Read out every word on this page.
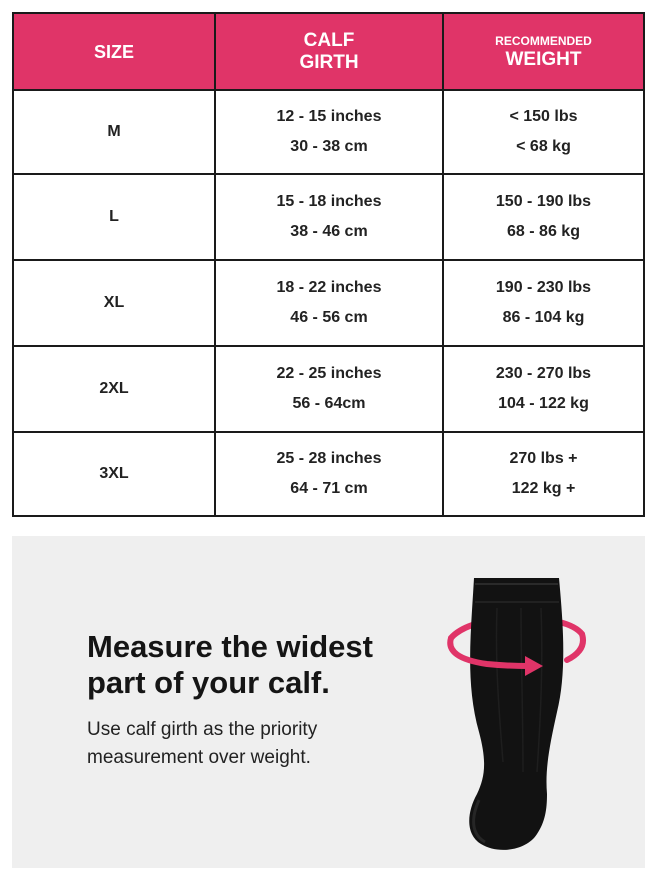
SIZE
CALF
GIRTH
RECOMMENDED
WEIGHT
M
12 - 15 inches
30 - 38 cm
< 150 lbs
< 68 kg
L
15 - 18 inches
38 - 46 cm
150 - 190 lbs
68 - 86 kg
XL
18 - 22 inches
46 - 56 cm
190 - 230 lbs
86 - 104 kg
2XL
22 - 25 inches
56 - 64cm
230 - 270 lbs
104 - 122 kg
3XL
25 - 28 inches
64 - 71 cm
270 lbs +
122 kg +
Measure the widest part of your calf.

Use calf girth as the priority measurement over weight.
